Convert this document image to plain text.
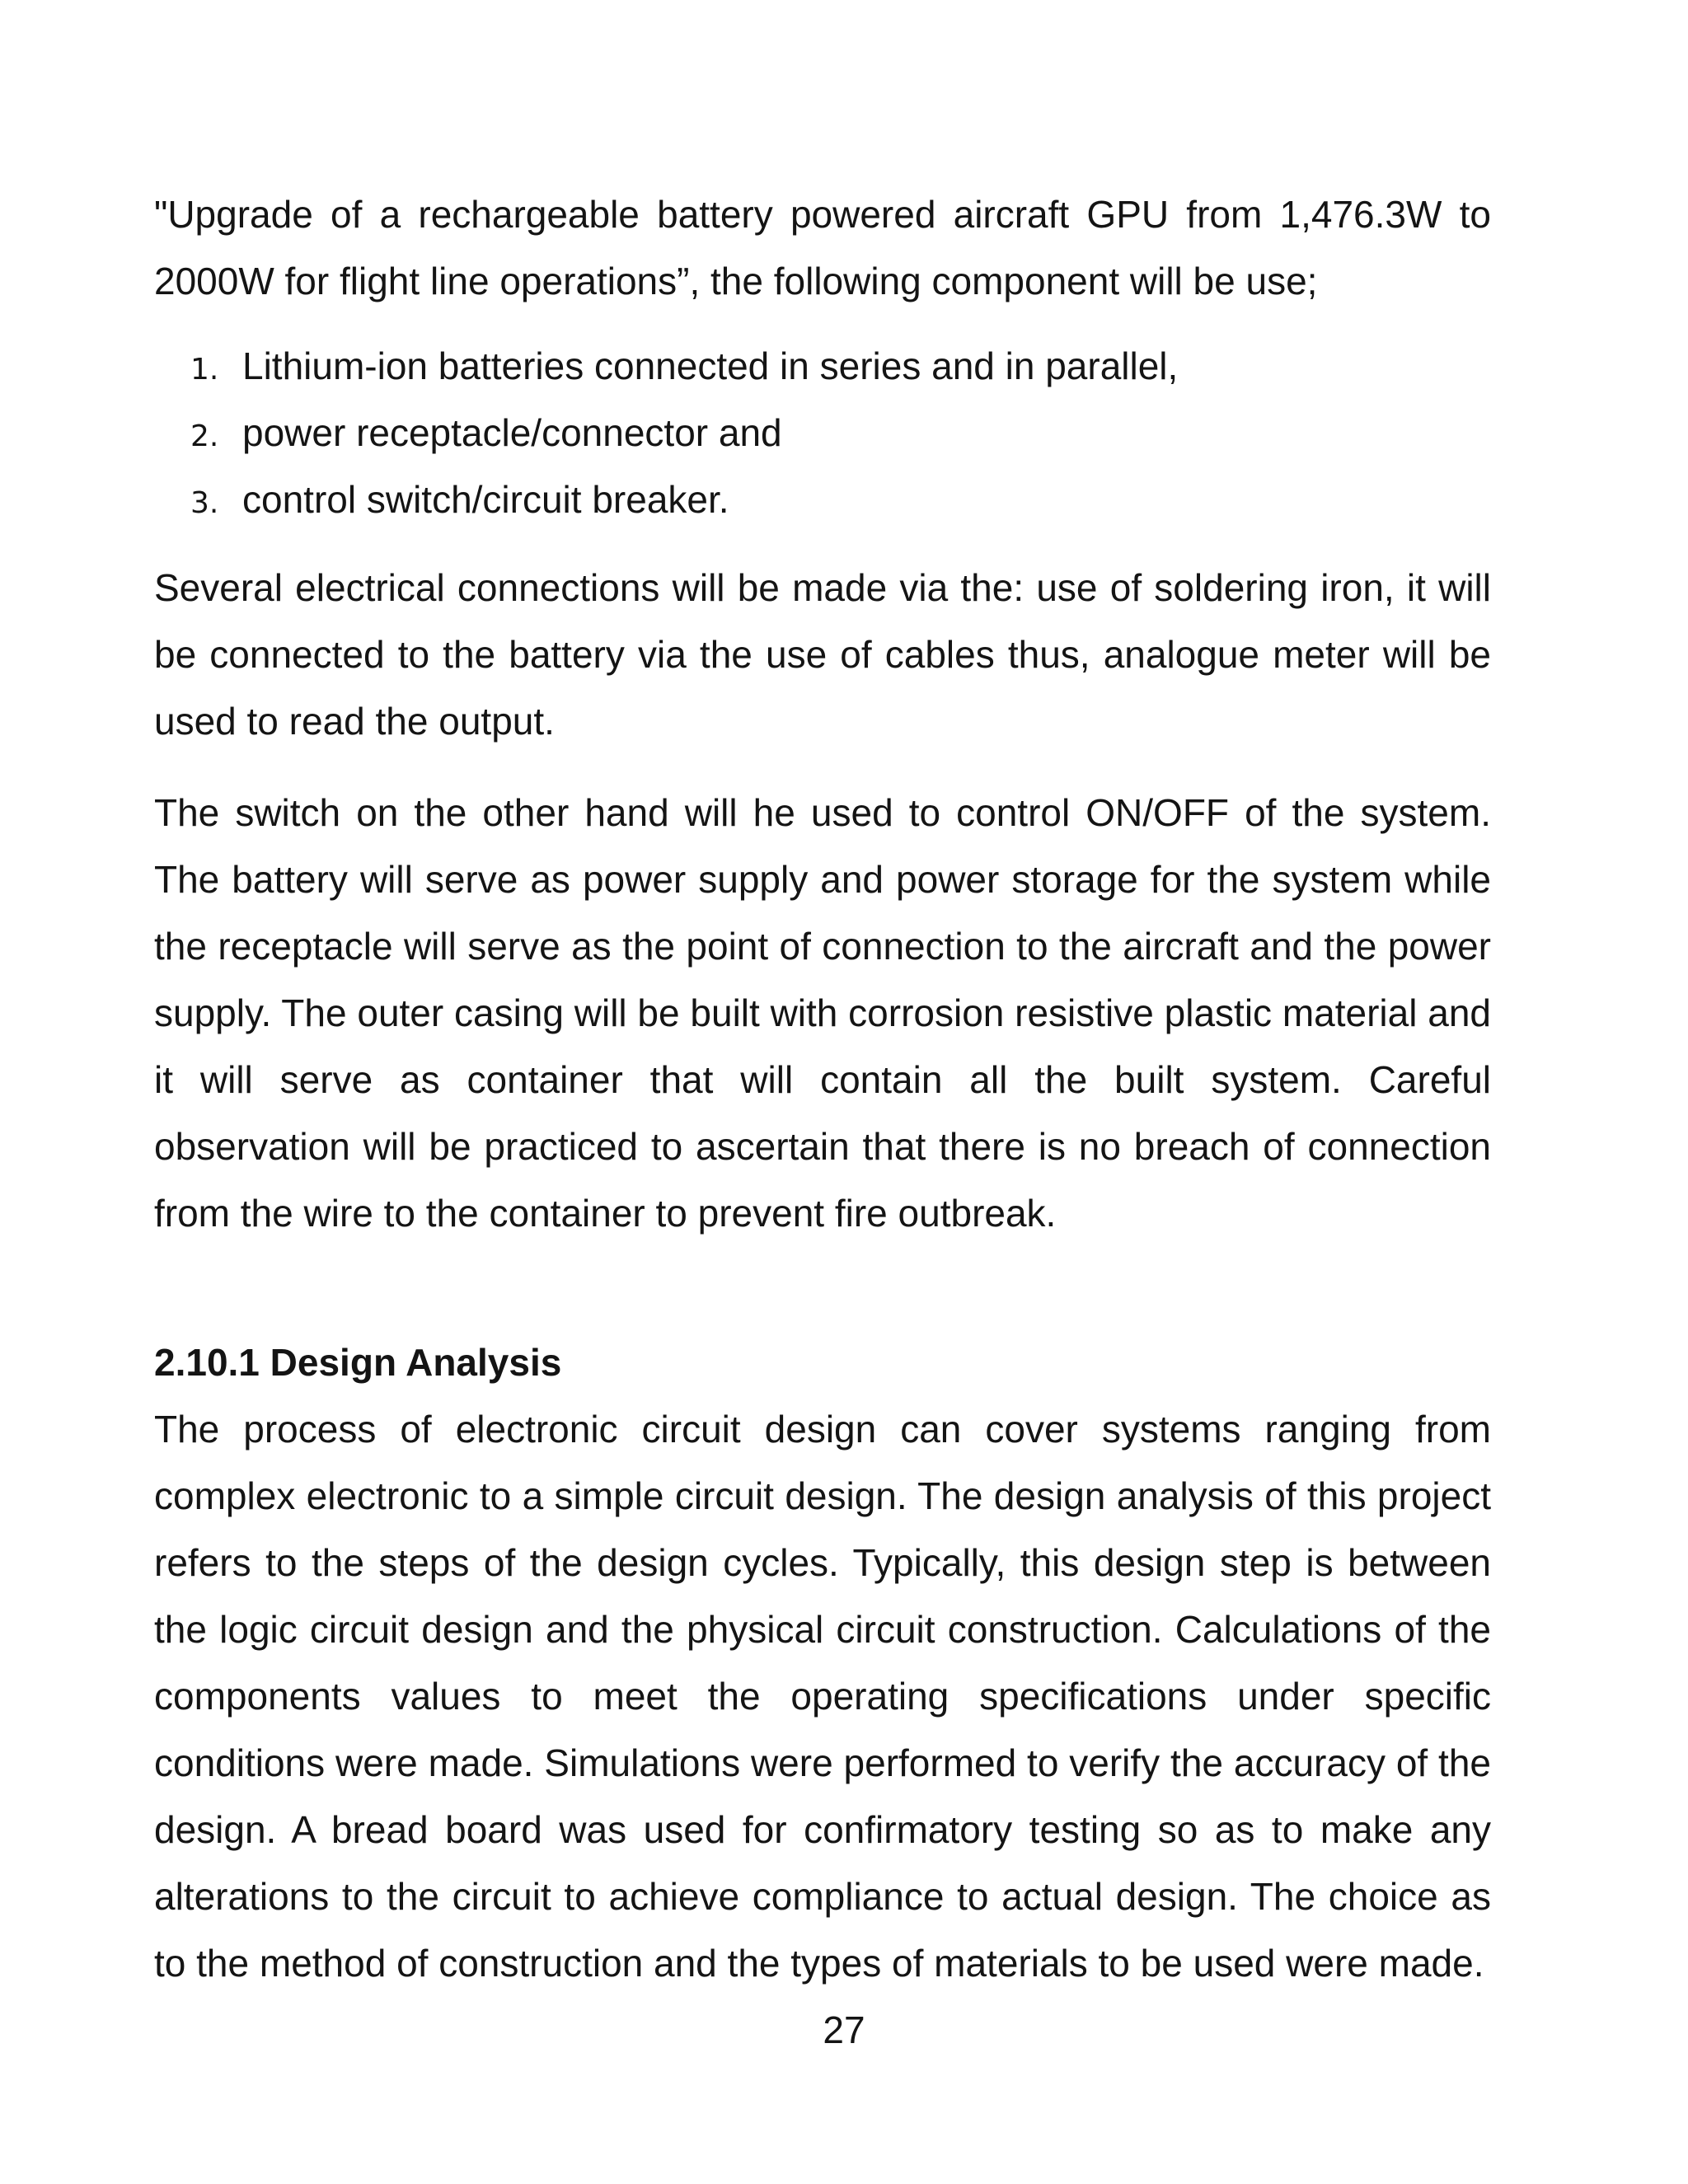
"Upgrade of a rechargeable battery powered aircraft GPU from 1,476.3W to 2000W for flight line operations”, the following component will be use;

1. Lithium-ion batteries connected in series and in parallel,
2. power receptacle/connector and
3. control switch/circuit breaker.

Several electrical connections will be made via the: use of soldering iron, it will be connected to the battery via the use of cables thus, analogue meter will be used to read the output.

The switch on the other hand will he used to control ON/OFF of the system. The battery will serve as power supply and power storage for the system while the receptacle will serve as the point of connection to the aircraft and the power supply. The outer casing will be built with corrosion resistive plastic material and it will serve as container that will contain all the built system. Careful observation will be practiced to ascertain that there is no breach of connection from the wire to the container to prevent fire outbreak.

2.10.1 Design Analysis

The process of electronic circuit design can cover systems ranging from complex electronic to a simple circuit design. The design analysis of this project refers to the steps of the design cycles. Typically, this design step is between the logic circuit design and the physical circuit construction. Calculations of the components values to meet the operating specifications under specific conditions were made. Simulations were performed to verify the accuracy of the design. A bread board was used for confirmatory testing so as to make any alterations to the circuit to achieve compliance to actual design. The choice as to the method of construction and the types of materials to be used were made.

27
